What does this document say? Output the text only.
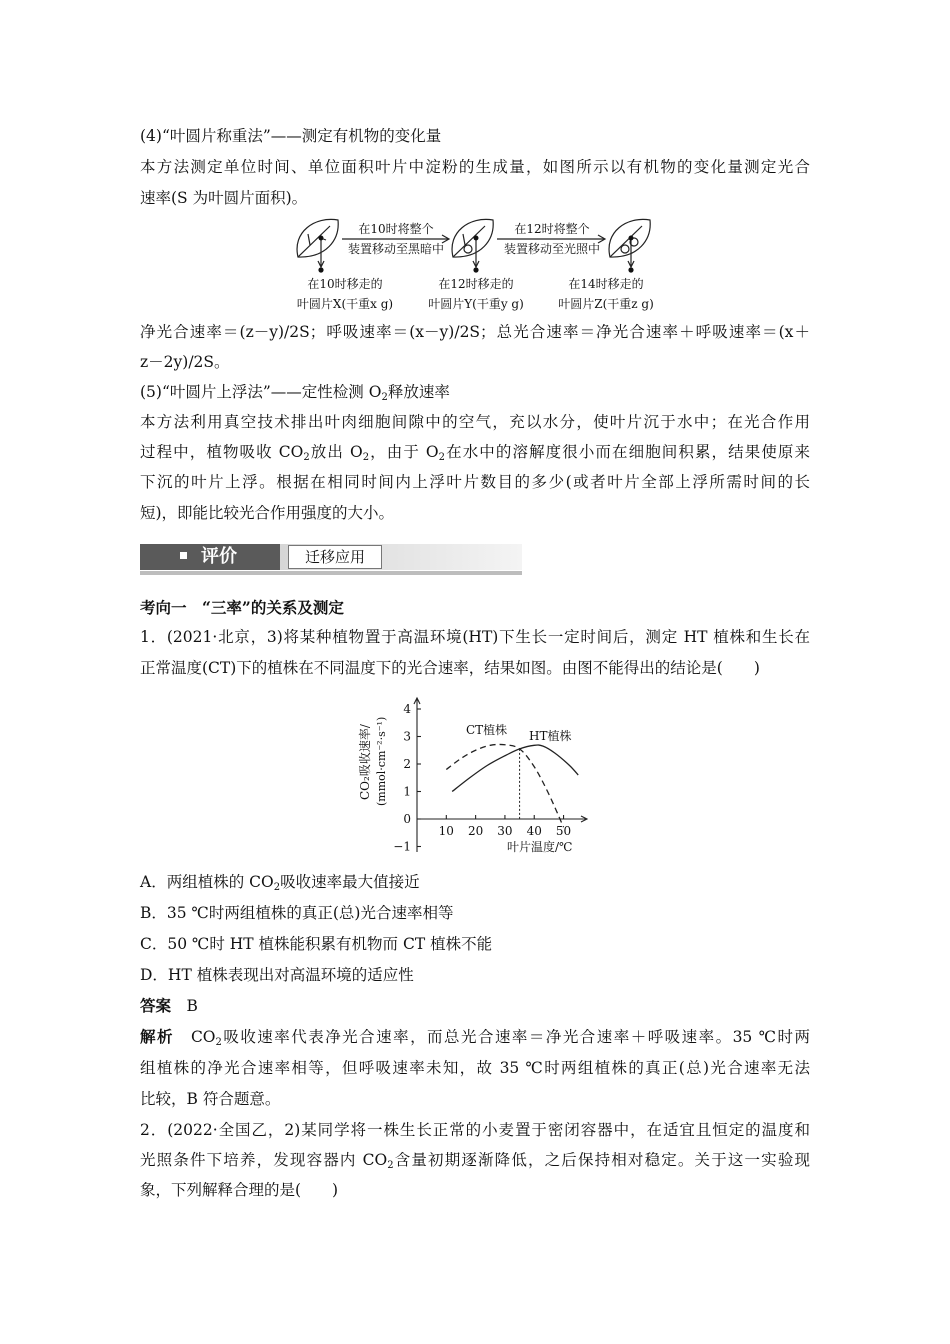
(4)“叶圆片称重法”——测定有机物的变化量
本方法测定单位时间、单位面积叶片中淀粉的生成量，如图所示以有机物的变化量测定光合
速率(S 为叶圆片面积)。
在10时将整个
装置移动至黑暗中
在12时将整个
装置移动至光照中
在10时移走的
叶圆片X(干重x g)
在12时移走的
叶圆片Y(干重y g)
在14时移走的
叶圆片Z(干重z g)
净光合速率＝(z－y)/2S；呼吸速率＝(x－y)/2S；总光合速率＝净光合速率＋呼吸速率＝(x＋
z－2y)/2S。
(5)“叶圆片上浮法”——定性检测 $O_2$释放速率
本方法利用真空技术排出叶肉细胞间隙中的空气，充以水分，使叶片沉于水中；在光合作用
过程中，植物吸收 $CO_2$放出 $O_2$，由于 $O_2$在水中的溶解度很小而在细胞间积累，结果使原来
下沉的叶片上浮。根据在相同时间内上浮叶片数目的多少(或者叶片全部上浮所需时间的长
短)，即能比较光合作用强度的大小。
评价	迁移应用
考向一　“三率”的关系及测定
1．(2021·北京，3)将某种植物置于高温环境(HT)下生长一定时间后，测定 HT 植株和生长在
正常温度(CT)下的植株在不同温度下的光合速率，结果如图。由图不能得出的结论是(　　)
−1
0
1
2
3
4
10 20 30 40 50
CO₂吸收速率/ (mmol·cm⁻²·s⁻¹)
叶片温度/℃
CT植株 HT植株
A．两组植株的 $CO_2$吸收速率最大值接近
B．35 ℃时两组植株的真正(总)光合速率相等
C．50 ℃时 HT 植株能积累有机物而 CT 植株不能
D．HT 植株表现出对高温环境的适应性
答案　 B
解析　 $CO_2$吸收速率代表净光合速率，而总光合速率＝净光合速率＋呼吸速率。35 ℃时两
组植株的净光合速率相等，但呼吸速率未知，故 35 ℃时两组植株的真正(总)光合速率无法
比较，B 符合题意。
2．(2022·全国乙，2)某同学将一株生长正常的小麦置于密闭容器中，在适宜且恒定的温度和
光照条件下培养，发现容器内 $CO_2$含量初期逐渐降低，之后保持相对稳定。关于这一实验现
象，下列解释合理的是(　　)
